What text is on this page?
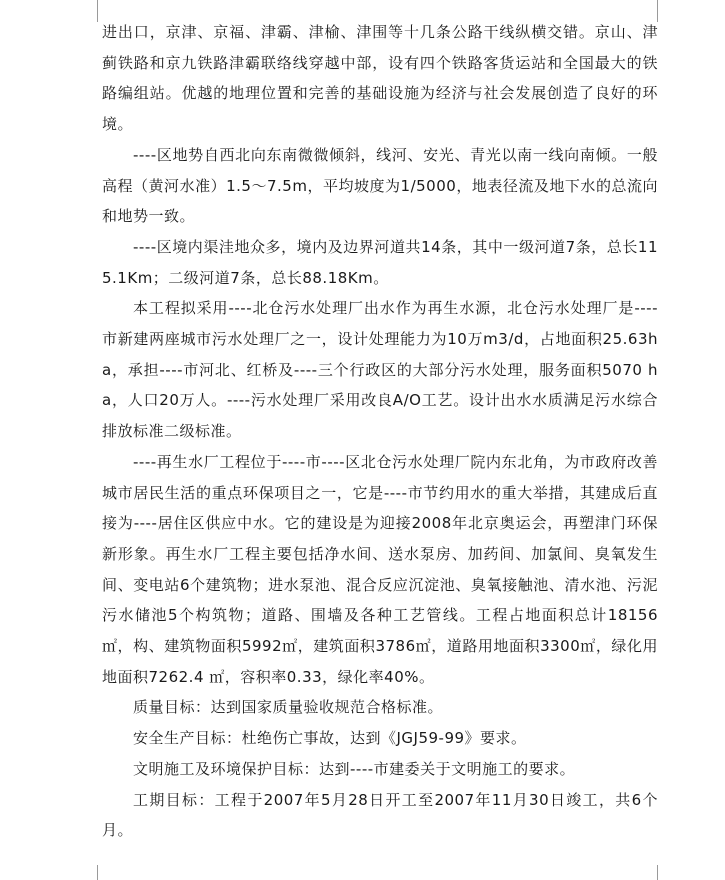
进出口，京津、京福、津霸、津榆、津围等十几条公路干线纵横交错。京山、津蓟铁路和京九铁路津霸联络线穿越中部，设有四个铁路客货运站和全国最大的铁路编组站。优越的地理位置和完善的基础设施为经济与社会发展创造了良好的环境。

----区地势自西北向东南微微倾斜，线河、安光、青光以南一线向南倾。一般高程（黄河水准）1.5～7.5m，平均坡度为1/5000，地表径流及地下水的总流向和地势一致。

----区境内渠洼地众多，境内及边界河道共14条，其中一级河道7条，总长115.1Km；二级河道7条，总长88.18Km。

本工程拟采用----北仓污水处理厂出水作为再生水源，北仓污水处理厂是----市新建两座城市污水处理厂之一，设计处理能力为10万m3/d，占地面积25.63ha，承担----市河北、红桥及----三个行政区的大部分污水处理，服务面积5070 ha，人口20万人。----污水处理厂采用改良A/O工艺。设计出水水质满足污水综合排放标准二级标准。

----再生水厂工程位于----市----区北仓污水处理厂院内东北角，为市政府改善城市居民生活的重点环保项目之一，它是----市节约用水的重大举措，其建成后直接为----居住区供应中水。它的建设是为迎接2008年北京奥运会，再塑津门环保新形象。再生水厂工程主要包括净水间、送水泵房、加药间、加氯间、臭氧发生间、变电站6个建筑物；进水泵池、混合反应沉淀池、臭氧接触池、清水池、污泥污水储池5个构筑物；道路、围墙及各种工艺管线。工程占地面积总计18156㎡，构、建筑物面积5992㎡，建筑面积3786㎡，道路用地面积3300㎡，绿化用地面积7262.4 ㎡，容积率0.33，绿化率40%。

质量目标：达到国家质量验收规范合格标准。

安全生产目标：杜绝伤亡事故，达到《JGJ59-99》要求。

文明施工及环境保护目标：达到----市建委关于文明施工的要求。

工期目标：工程于2007年5月28日开工至2007年11月30日竣工，共6个月。
